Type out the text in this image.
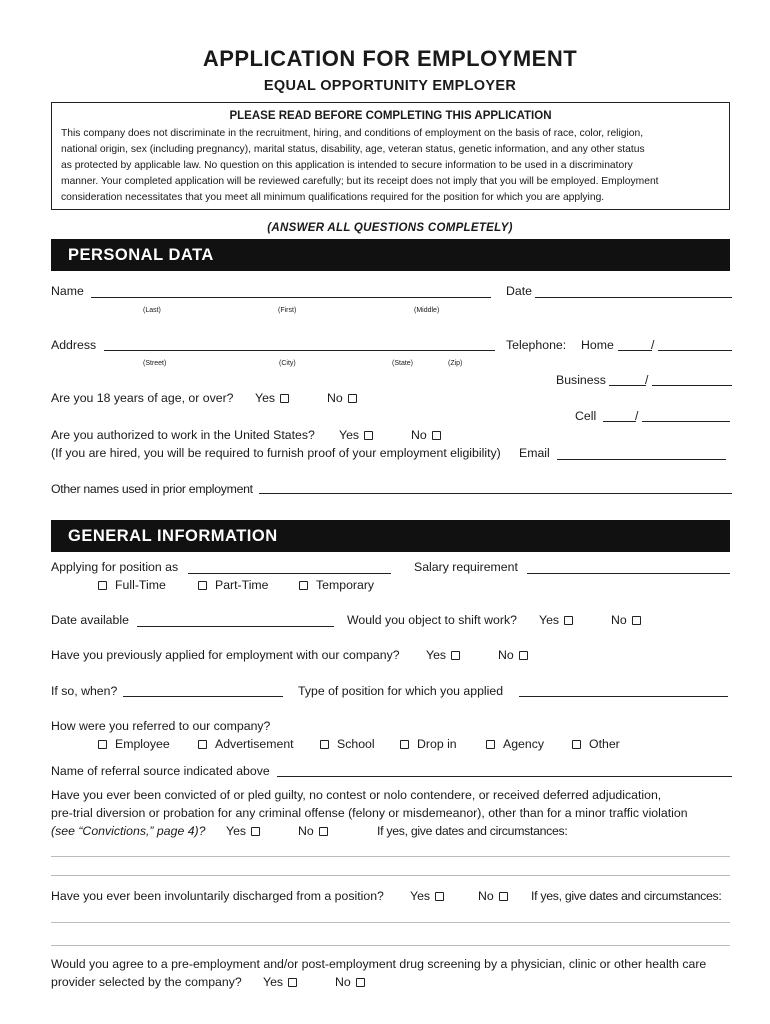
APPLICATION FOR EMPLOYMENT
EQUAL OPPORTUNITY EMPLOYER
PLEASE READ BEFORE COMPLETING THIS APPLICATION
This company does not discriminate in the recruitment, hiring, and conditions of employment on the basis of race, color, religion,
national origin, sex (including pregnancy), marital status, disability, age, veteran status, genetic information, and any other status
as protected by applicable law. No question on this application is intended to secure information to be used in a discriminatory
manner. Your completed application will be reviewed carefully; but its receipt does not imply that you will be employed. Employment
consideration necessitates that you meet all minimum qualifications required for the position for which you are applying.
(ANSWER ALL QUESTIONS COMPLETELY)
PERSONAL DATA
Name	Date
(Last)	(First)	(Middle)
Address	Telephone: Home	/
(Street)	(City)	(State)	(Zip)
Business	/
Are you 18 years of age, or over? Yes	No
Cell	/
Are you authorized to work in the United States? Yes	No
(If you are hired, you will be required to furnish proof of your employment eligibility) Email
Other names used in prior employment
GENERAL INFORMATION
Applying for position as	Salary requirement
Full-Time	Part-Time	Temporary
Date available	Would you object to shift work? Yes	No
Have you previously applied for employment with our company? Yes	No
If so, when?	Type of position for which you applied
How were you referred to our company?
Employee	Advertisement	School	Drop in	Agency	Other
Name of referral source indicated above
Have you ever been convicted of or pled guilty, no contest or nolo contendere, or received deferred adjudication,
pre-trial diversion or probation for any criminal offense (felony or misdemeanor), other than for a minor traffic violation
(see “Convictions,” page 4)? Yes	No	If yes, give dates and circumstances:
Have you ever been involuntarily discharged from a position? Yes	No	If yes, give dates and circumstances:
Would you agree to a pre-employment and/or post-employment drug screening by a physician, clinic or other health care
provider selected by the company? Yes	No
